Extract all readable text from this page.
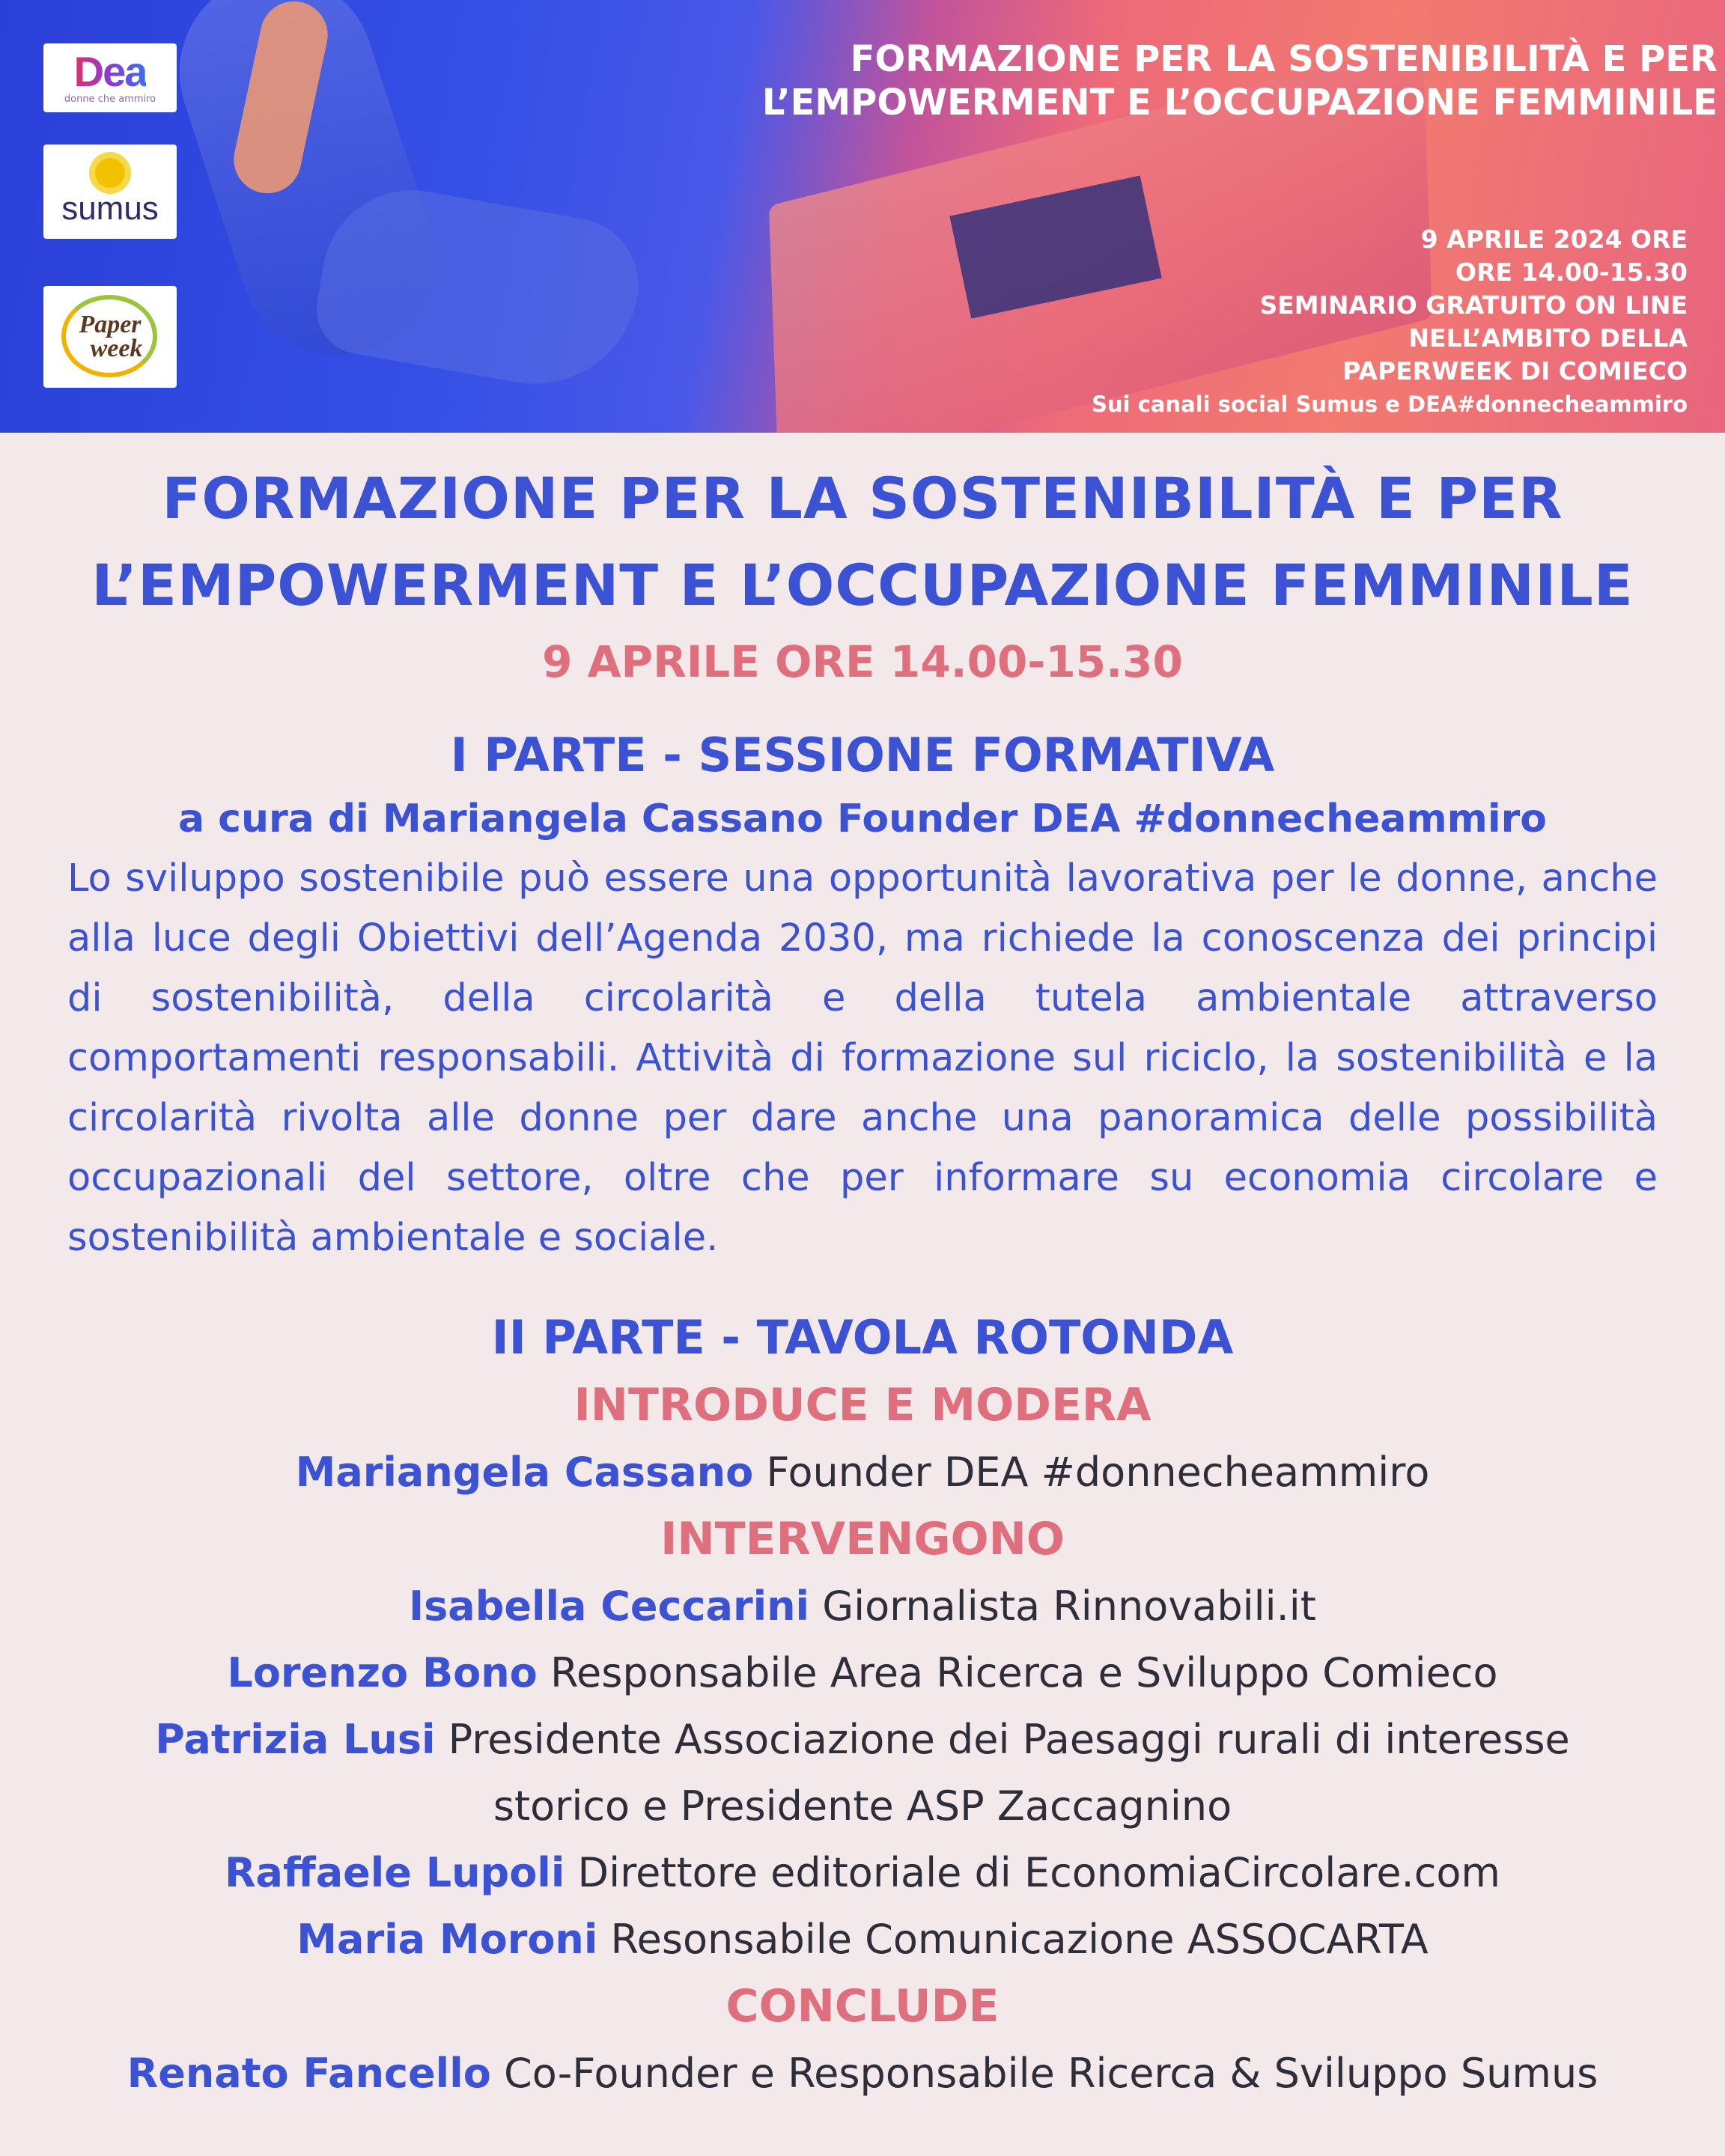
Dea
donne che ammiro
sumus
Paper
week
FORMAZIONE PER LA SOSTENIBILITÀ E PER
L’EMPOWERMENT E L’OCCUPAZIONE FEMMINILE
9 APRILE 2024 ORE
ORE 14.00-15.30
SEMINARIO GRATUITO ON LINE
NELL’AMBITO DELLA
PAPERWEEK DI COMIECO
Sui canali social Sumus e DEA#donnecheammiro
FORMAZIONE PER LA SOSTENIBILITÀ E PER
L’EMPOWERMENT E L’OCCUPAZIONE FEMMINILE
9 APRILE ORE 14.00-15.30
I PARTE - SESSIONE FORMATIVA
a cura di Mariangela Cassano Founder DEA #donnecheammiro
Lo sviluppo sostenibile può essere una opportunità lavorativa per le donne, anche alla luce degli Obiettivi dell’Agenda 2030, ma richiede la conoscenza dei principi di sostenibilità, della circolarità e della tutela ambientale attraverso comportamenti responsabili. Attività di formazione sul riciclo, la sostenibilità e la circolarità rivolta alle donne per dare anche una panoramica delle possibilità occupazionali del settore, oltre che per informare su economia circolare e sostenibilità ambientale e sociale.
II PARTE - TAVOLA ROTONDA
INTRODUCE E MODERA
Mariangela Cassano Founder DEA #donnecheammiro
INTERVENGONO
Isabella Ceccarini Giornalista Rinnovabili.it
Lorenzo Bono Responsabile Area Ricerca e Sviluppo Comieco
Patrizia Lusi Presidente Associazione dei Paesaggi rurali di interesse
storico e Presidente ASP Zaccagnino
Raffaele Lupoli Direttore editoriale di EconomiaCircolare.com
Maria Moroni Resonsabile Comunicazione ASSOCARTA
CONCLUDE
Renato Fancello Co-Founder e Responsabile Ricerca & Sviluppo Sumus
